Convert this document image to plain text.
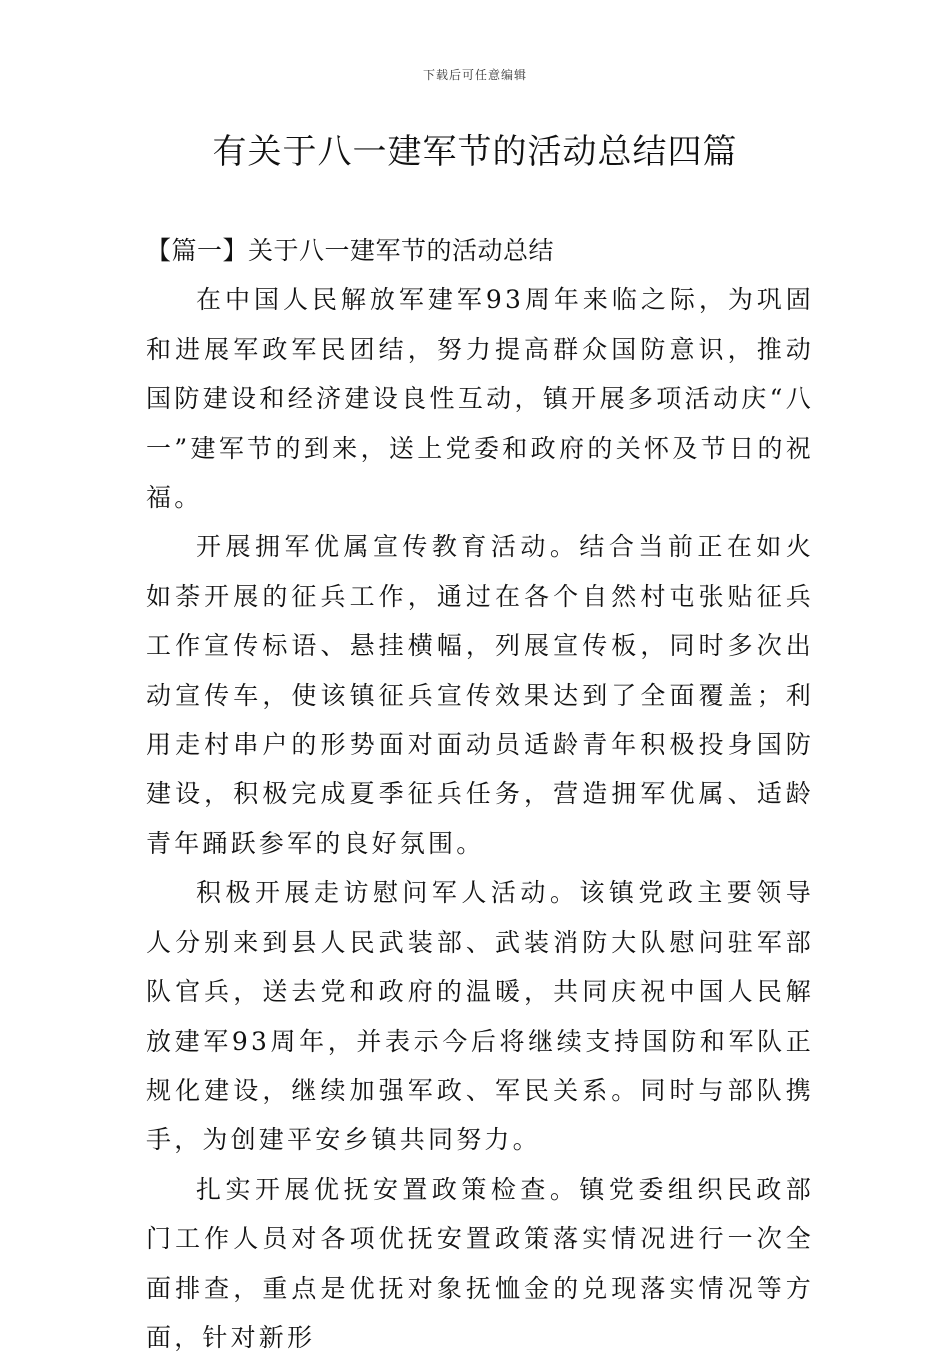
下载后可任意编辑
有关于八一建军节的活动总结四篇

【篇一】关于八一建军节的活动总结

在中国人民解放军建军93周年来临之际，为巩固和进展军政军民团结，努力提高群众国防意识，推动国防建设和经济建设良性互动，镇开展多项活动庆“八一”建军节的到来，送上党委和政府的关怀及节日的祝福。

开展拥军优属宣传教育活动。结合当前正在如火如荼开展的征兵工作，通过在各个自然村屯张贴征兵工作宣传标语、悬挂横幅，列展宣传板，同时多次出动宣传车，使该镇征兵宣传效果达到了全面覆盖；利用走村串户的形势面对面动员适龄青年积极投身国防建设，积极完成夏季征兵任务，营造拥军优属、适龄青年踊跃参军的良好氛围。

积极开展走访慰问军人活动。该镇党政主要领导人分别来到县人民武装部、武装消防大队慰问驻军部队官兵，送去党和政府的温暖，共同庆祝中国人民解放建军93周年，并表示今后将继续支持国防和军队正规化建设，继续加强军政、军民关系。同时与部队携手，为创建平安乡镇共同努力。

扎实开展优抚安置政策检查。镇党委组织民政部门工作人员对各项优抚安置政策落实情况进行一次全面排查，重点是优抚对象抚恤金的兑现落实情况等方面，针对新形
